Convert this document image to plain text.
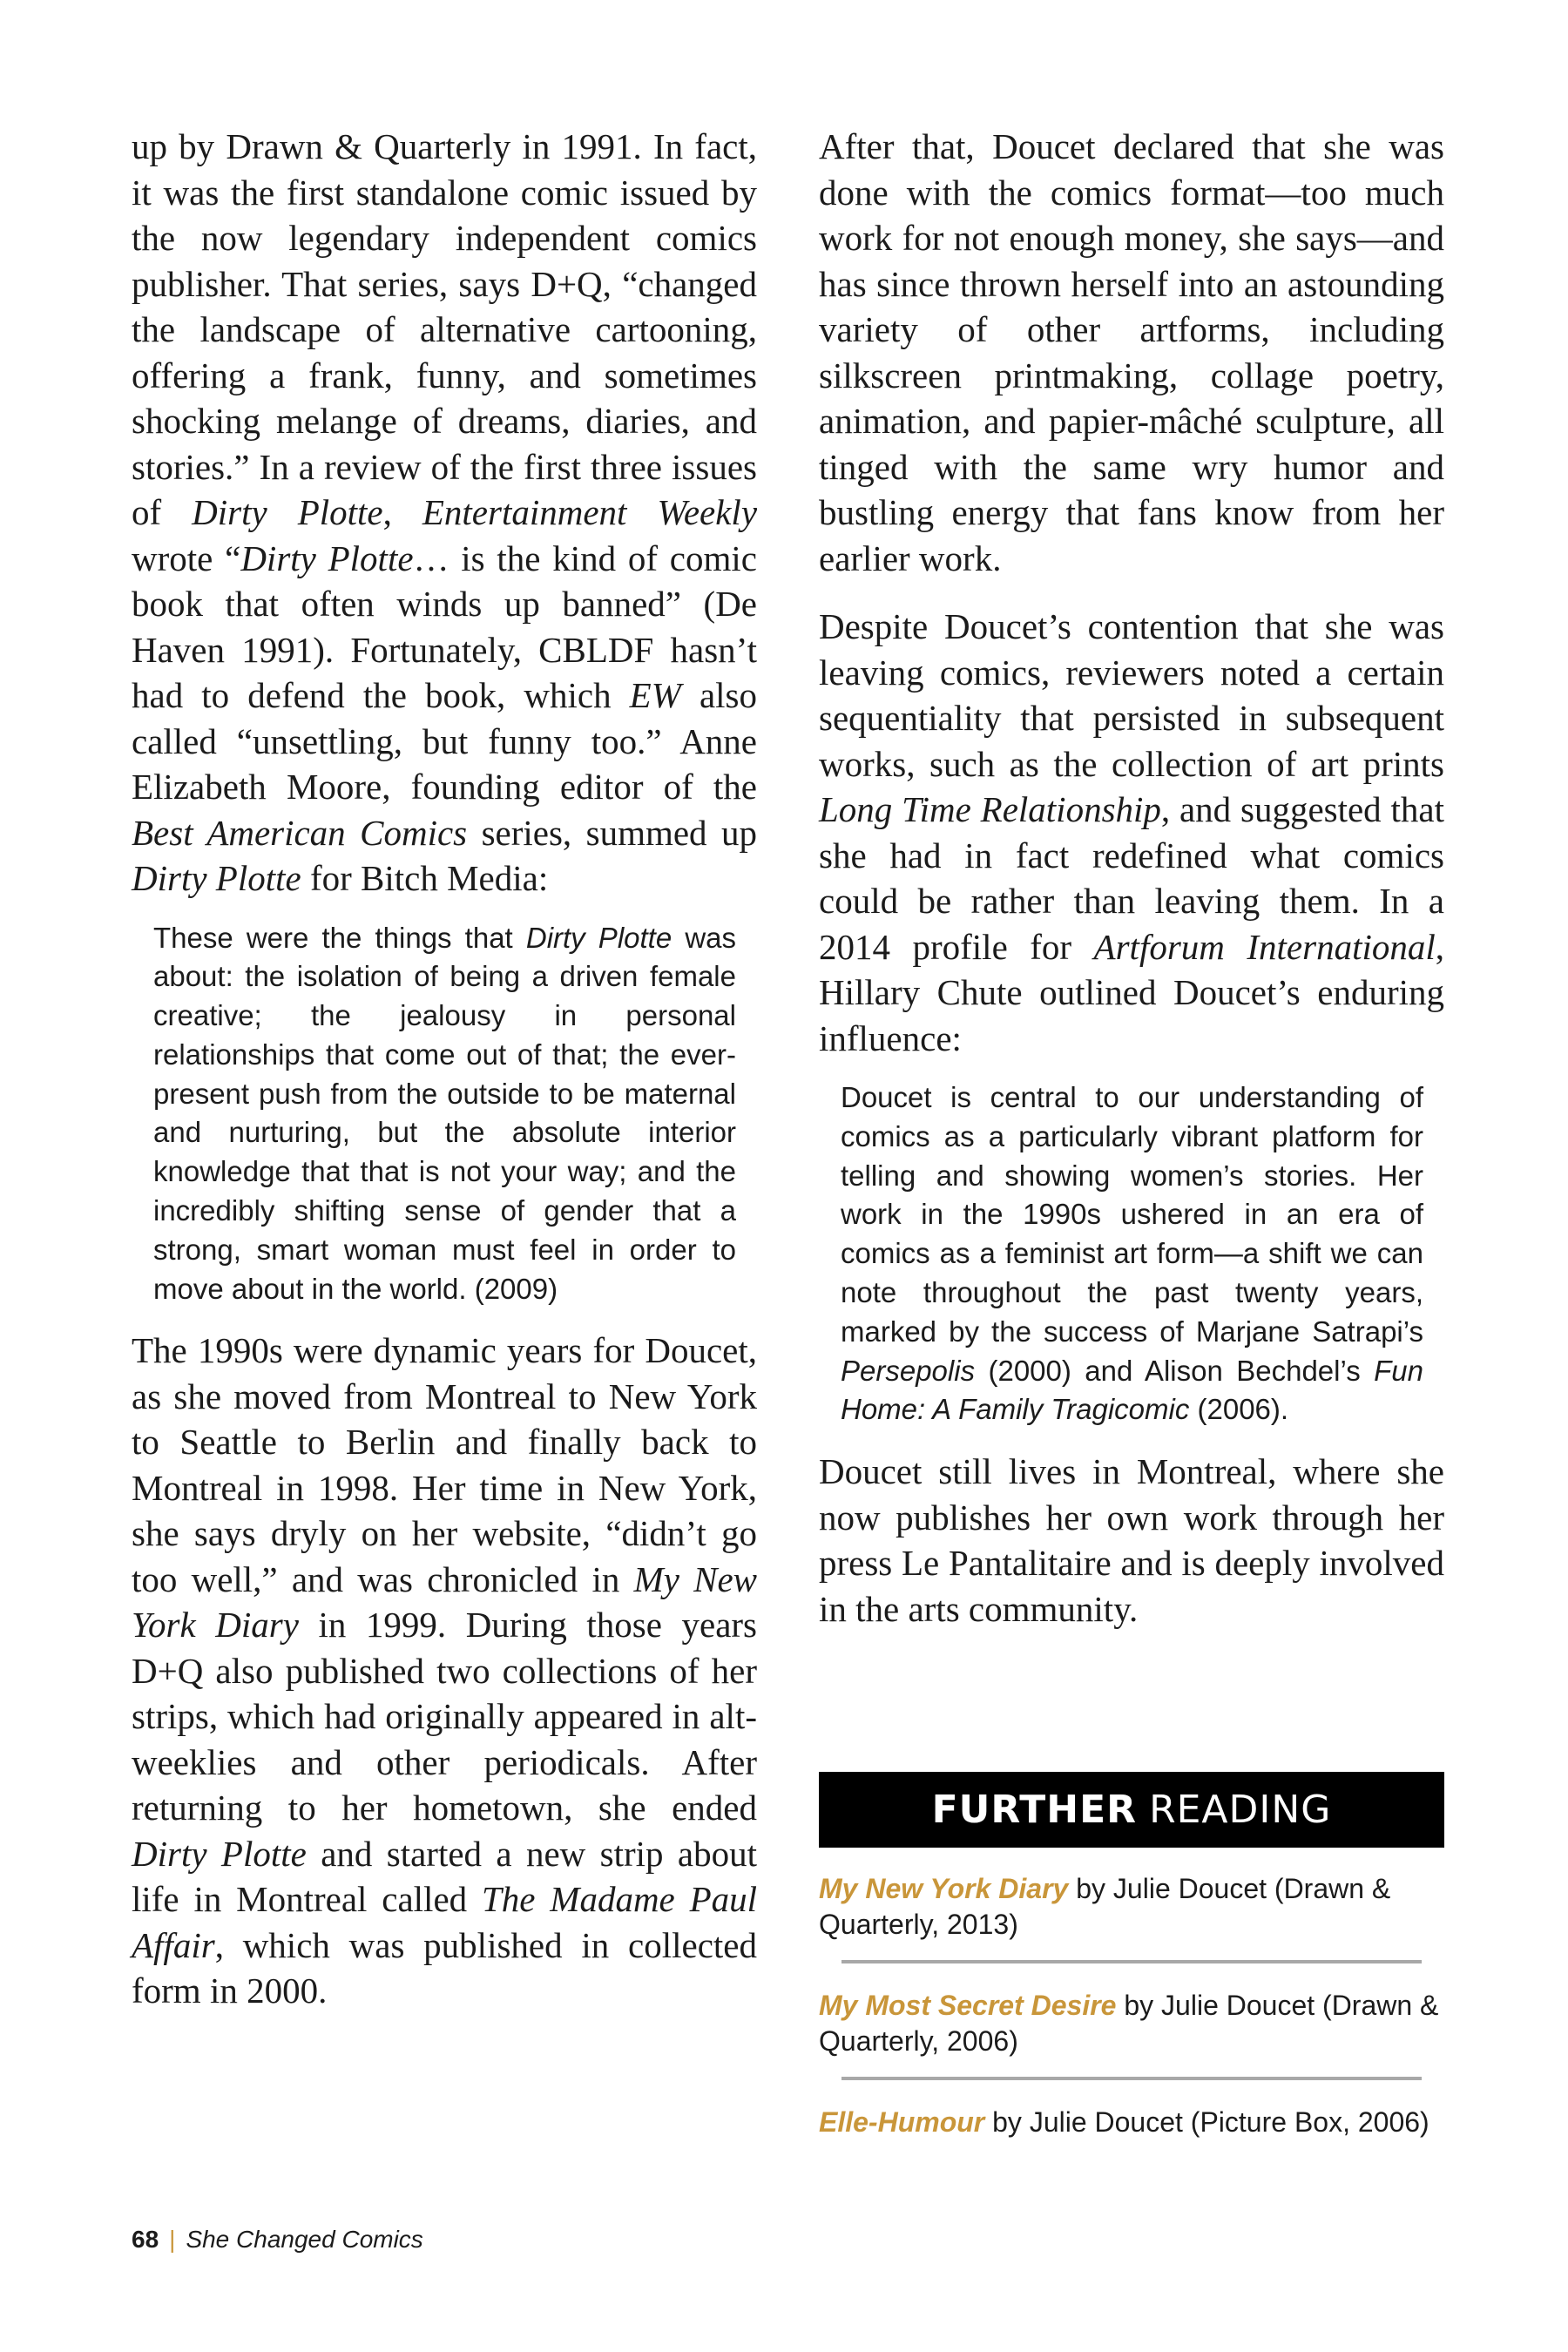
up by Drawn & Quarterly in 1991. In fact, it was the first standalone comic issued by the now legendary independent comics publisher. That series, says D+Q, “changed the landscape of alternative cartooning, offering a frank, funny, and sometimes shocking melange of dreams, diaries, and stories.” In a review of the first three issues of Dirty Plotte, Entertainment Weekly wrote “Dirty Plotte… is the kind of comic book that often winds up banned” (De Haven 1991). Fortunately, CBLDF hasn’t had to defend the book, which EW also called “unsettling, but funny too.” Anne Elizabeth Moore, founding editor of the Best American Comics series, summed up Dirty Plotte for Bitch Media:

These were the things that Dirty Plotte was about: the isolation of being a driven female creative; the jealousy in personal relationships that come out of that; the ever-present push from the outside to be maternal and nurturing, but the absolute interior knowledge that that is not your way; and the incredibly shifting sense of gender that a strong, smart woman must feel in order to move about in the world. (2009)

The 1990s were dynamic years for Doucet, as she moved from Montreal to New York to Seattle to Berlin and finally back to Montreal in 1998. Her time in New York, she says dryly on her website, “didn’t go too well,” and was chronicled in My New York Diary in 1999. During those years D+Q also published two collections of her strips, which had originally appeared in alt-weeklies and other periodicals. After returning to her hometown, she ended Dirty Plotte and started a new strip about life in Montreal called The Madame Paul Affair, which was published in collected form in 2000.

After that, Doucet declared that she was done with the comics format—too much work for not enough money, she says—and has since thrown herself into an astounding variety of other artforms, including silkscreen printmaking, collage poetry, animation, and papier-mâché sculpture, all tinged with the same wry humor and bustling energy that fans know from her earlier work.

Despite Doucet’s contention that she was leaving comics, reviewers noted a certain sequentiality that persisted in subsequent works, such as the collection of art prints Long Time Relationship, and suggested that she had in fact redefined what comics could be rather than leaving them. In a 2014 profile for Artforum International, Hillary Chute outlined Doucet’s enduring influence:

Doucet is central to our understanding of comics as a particularly vibrant platform for telling and showing women’s stories. Her work in the 1990s ushered in an era of comics as a feminist art form—a shift we can note throughout the past twenty years, marked by the success of Marjane Satrapi’s Persepolis (2000) and Alison Bechdel’s Fun Home: A Family Tragicomic (2006).

Doucet still lives in Montreal, where she now publishes her own work through her press Le Pantalitaire and is deeply involved in the arts community.

FURTHER READING
My New York Diary by Julie Doucet (Drawn & Quarterly, 2013)
My Most Secret Desire by Julie Doucet (Drawn & Quarterly, 2006)
Elle-Humour by Julie Doucet (Picture Box, 2006)
68 | She Changed Comics
